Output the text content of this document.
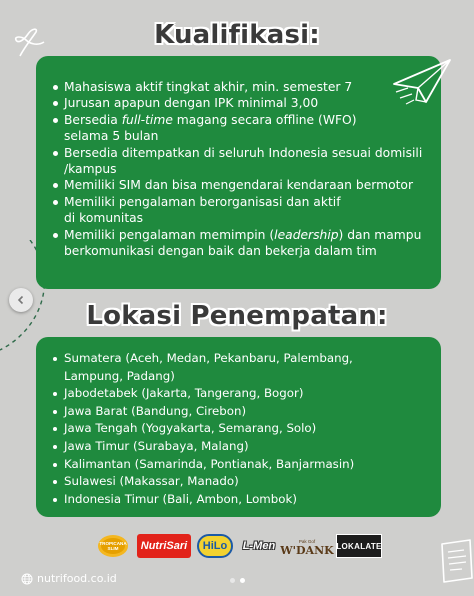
Kualifikasi:
Mahasiswa aktif tingkat akhir, min. semester 7
Jurusan apapun dengan IPK minimal 3,00
Bersedia full-time magang secara offline (WFO)
selama 5 bulan
Bersedia ditempatkan di seluruh Indonesia sesuai domisili
/kampus
Memiliki SIM dan bisa mengendarai kendaraan bermotor
Memiliki pengalaman berorganisasi dan aktif
di komunitas
Memiliki pengalaman memimpin (leadership) dan mampu
berkomunikasi dengan baik dan bekerja dalam tim
Lokasi Penempatan:
Sumatera (Aceh, Medan, Pekanbaru, Palembang,
Lampung, Padang)
Jabodetabek (Jakarta, Tangerang, Bogor)
Jawa Barat (Bandung, Cirebon)
Jawa Tengah (Yogyakarta, Semarang, Solo)
Jawa Timur (Surabaya, Malang)
Kalimantan (Samarinda, Pontianak, Banjarmasin)
Sulawesi (Makassar, Manado)
Indonesia Timur (Bali, Ambon, Lombok)
TROPICANA SLIM	NutriSari HiLo L-Men	Pak Gof
W'DANK LOKALATE
nutrifood.co.id
